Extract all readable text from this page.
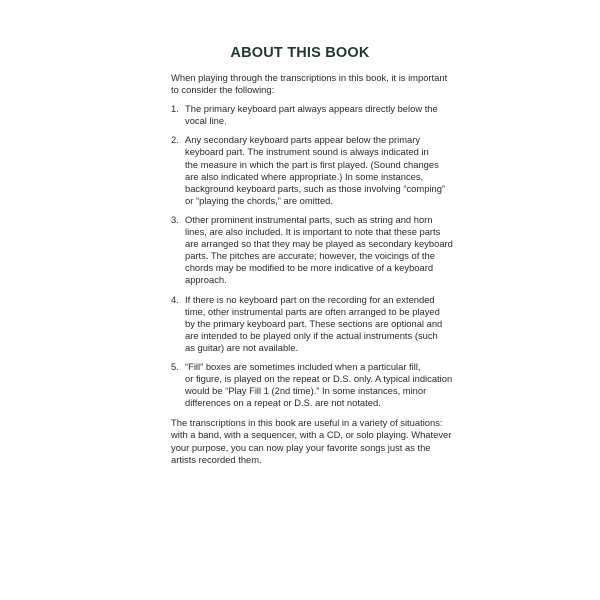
ABOUT THIS BOOK

When playing through the transcriptions in this book, it is important
to consider the following:

1. The primary keyboard part always appears directly below the
vocal line.
2. Any secondary keyboard parts appear below the primary
keyboard part. The instrument sound is always indicated in
the measure in which the part is first played. (Sound changes
are also indicated where appropriate.) In some instances,
background keyboard parts, such as those involving “comping”
or “playing the chords,” are omitted.
3. Other prominent instrumental parts, such as string and horn
lines, are also included. It is important to note that these parts
are arranged so that they may be played as secondary keyboard
parts. The pitches are accurate; however, the voicings of the
chords may be modified to be more indicative of a keyboard
approach.
4. If there is no keyboard part on the recording for an extended
time, other instrumental parts are often arranged to be played
by the primary keyboard part. These sections are optional and
are intended to be played only if the actual instruments (such
as guitar) are not available.
5. “Fill” boxes are sometimes included when a particular fill,
or figure, is played on the repeat or D.S. only. A typical indication
would be “Play Fill 1 (2nd time).” In some instances, minor
differences on a repeat or D.S. are not notated.

The transcriptions in this book are useful in a variety of situations:
with a band, with a sequencer, with a CD, or solo playing. Whatever
your purpose, you can now play your favorite songs just as the
artists recorded them.
